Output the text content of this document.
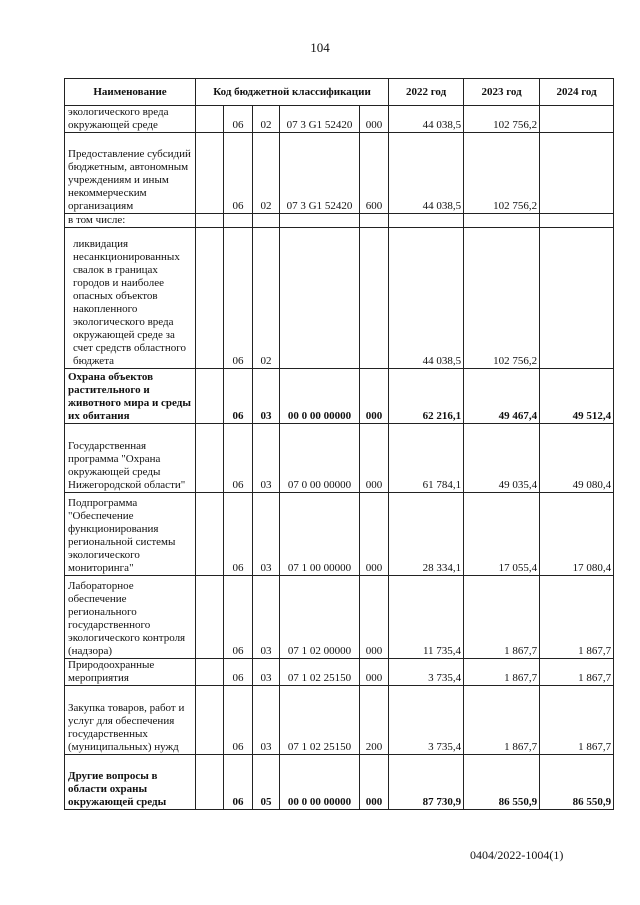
104
Наименование	Код бюджетной классификации					2022 год	2023 год	2024 год
экологического вреда окружающей среде		06	02	07 3 G1 52420	000	44 038,5	102 756,2	
Предоставление субсидий бюджетным, автономным учреждениям и иным некоммерческим организациям		06	02	07 3 G1 52420	600	44 038,5	102 756,2	
в том числе:								
ликвидация несанкционированных свалок в границах городов и наиболее опасных объектов накопленного экологического вреда окружающей среде за счет средств областного бюджета		06	02			44 038,5	102 756,2	
Охрана объектов растительного и животного мира и среды их обитания		06	03	00 0 00 00000	000	62 216,1	49 467,4	49 512,4
Государственная программа "Охрана окружающей среды Нижегородской области"		06	03	07 0 00 00000	000	61 784,1	49 035,4	49 080,4
Подпрограмма "Обеспечение функционирования региональной системы экологического мониторинга"		06	03	07 1 00 00000	000	28 334,1	17 055,4	17 080,4
Лабораторное обеспечение регионального государственного экологического контроля (надзора)		06	03	07 1 02 00000	000	11 735,4	1 867,7	1 867,7
Природоохранные мероприятия		06	03	07 1 02 25150	000	3 735,4	1 867,7	1 867,7
Закупка товаров, работ и услуг для обеспечения государственных (муниципальных) нужд		06	03	07 1 02 25150	200	3 735,4	1 867,7	1 867,7
Другие вопросы в области охраны окружающей среды		06	05	00 0 00 00000	000	87 730,9	86 550,9	86 550,9
0404/2022-1004(1)
